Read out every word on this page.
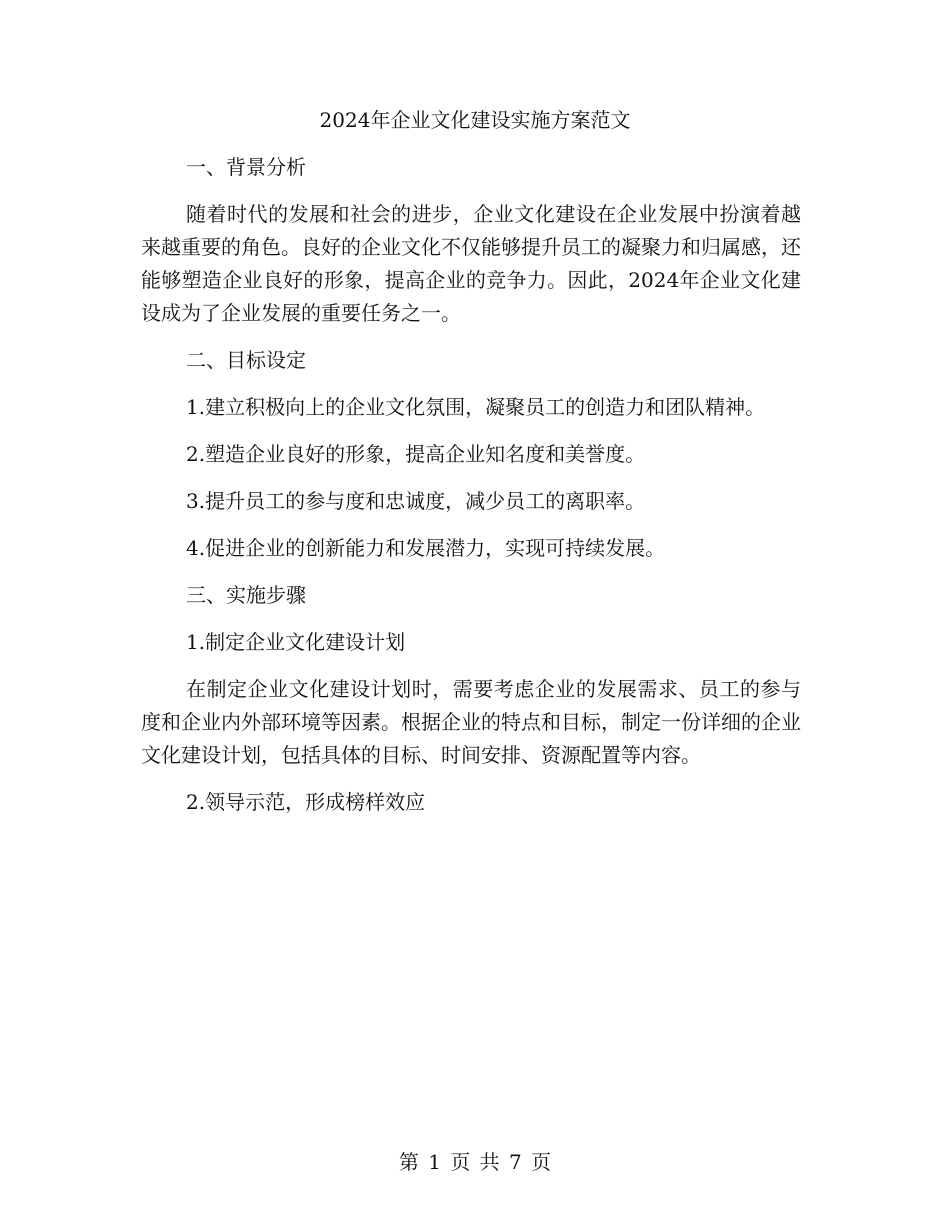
2024年企业文化建设实施方案范文

一、背景分析

随着时代的发展和社会的进步，企业文化建设在企业发展中扮演着越来越重要的角色。良好的企业文化不仅能够提升员工的凝聚力和归属感，还能够塑造企业良好的形象，提高企业的竞争力。因此，2024年企业文化建设成为了企业发展的重要任务之一。

二、目标设定

1.建立积极向上的企业文化氛围，凝聚员工的创造力和团队精神。

2.塑造企业良好的形象，提高企业知名度和美誉度。

3.提升员工的参与度和忠诚度，减少员工的离职率。

4.促进企业的创新能力和发展潜力，实现可持续发展。

三、实施步骤

1.制定企业文化建设计划

在制定企业文化建设计划时，需要考虑企业的发展需求、员工的参与度和企业内外部环境等因素。根据企业的特点和目标，制定一份详细的企业文化建设计划，包括具体的目标、时间安排、资源配置等内容。

2.领导示范，形成榜样效应

第 1 页 共 7 页
